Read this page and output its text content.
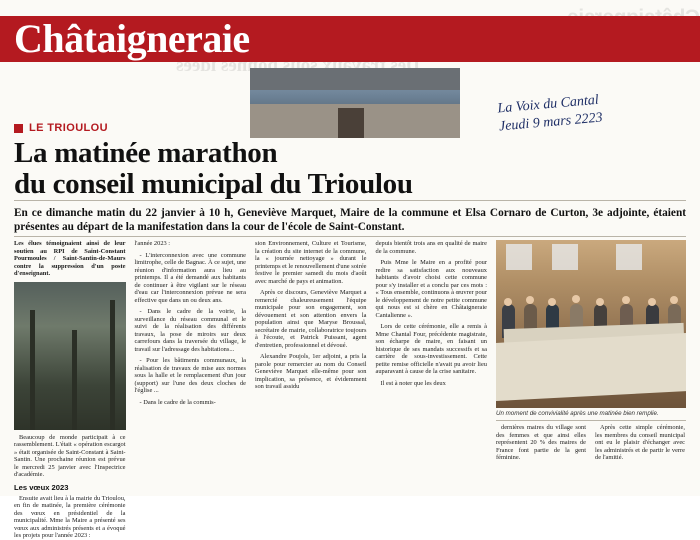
Des travaux sous bonnes idées
Châtaigneraie
La Voix du Cantal
Jeudi 9 mars 2223
LE TRIOULOU
La matinée marathon
du conseil municipal du Trioulou
En ce dimanche matin du 22 janvier à 10 h, Geneviève Marquet, Maire de la commune et Elsa Cornaro de Curton, 3e adjointe, étaient présentes au départ de la manifestation dans la cour de l'école de Saint-Constant.

Les élues témoignaient ainsi de leur soutien au RPI de Saint-Constant Pourmoules / Saint-Santin-de-Maurs contre la suppression d'un poste d'enseignant.

Beaucoup de monde participait à ce rassemblement. L'était « opération escargot » était organisée de Saint-Constant à Saint-Santin. Une prochaine réunion est prévue le mercredi 25 janvier avec l'Inspectrice d'académie.

Les vœux 2023

Ensuite avait lieu à la mairie du Trioulou, en fin de matinée, la première cérémonie des vœux en présidentiel de la municipalité. Mme la Maire a présenté ses vœux aux administrés présents et a évoqué les projets pour l'année 2023 :

l'année 2023 :

- L'interconnexion avec une commune limitrophe, celle de Bagnac. À ce sujet, une réunion d'information aura lieu au printemps. Il a été demandé aux habitants de continuer à être vigilant sur le réseau d'eau car l'interconnexion prévue ne sera effective que dans un ou deux ans.

- Dans le cadre de la voirie, la surveillance du réseau communal et le suivi de la réalisation des différents travaux, la pose de miroirs sur deux carrefours dans la traversée du village, le travail sur l'adressage des habitations...

- Pour les bâtiments communaux, la réalisation de travaux de mise aux normes sous la halle et le remplacement d'un jour (support) sur l'une des deux cloches de l'église ...

- Dans le cadre de la commis-

sion Environnement, Culture et Tourisme, la création du site internet de la commune, la « journée nettoyage » durant le printemps et le renouvellement d'une soirée festive le premier samedi du mois d'août avec marché de pays et animation.

Après ce discours, Geneviève Marquet a remercié chaleureusement l'équipe municipale pour son engagement, son dévouement et son attention envers la population ainsi que Maryse Broussal, secrétaire de mairie, collaboratrice toujours à l'écoute, et Patrick Puissant, agent d'entretien, professionnel et dévoué.

Alexandre Poujols, 1er adjoint, a pris la parole pour remercier au nom du Conseil Geneviève Marquet elle-même pour son implication, sa présence, et évidemment son travail assidu

depuis bientôt trois ans en qualité de maire de la commune.

Puis Mme le Maire en a profité pour redire sa satisfaction aux nouveaux habitants d'avoir choisi cette commune pour s'y installer et a conclu par ces mots : « Tous ensemble, continuons à œuvrer pour le développement de notre petite commune qui nous est si chère en Châtaigneraie Cantalienne ».

Lors de cette cérémonie, elle a remis à Mme Chantal Four, précédente magistrate, son écharpe de maire, en faisant un historique de ses mandats successifs et sa carrière de sous-investissement. Cette petite remise officielle n'avait pu avoir lieu auparavant à cause de la crise sanitaire.

Il est à noter que les deux

Un moment de convivialité après une matinée bien remplie.

dernières maires du village sont des femmes et que ainsi elles représentent 20 % des maires de France font partie de la gent féminine.

Après cette simple cérémonie, les membres du conseil municipal ont eu le plaisir d'échanger avec les administrés et de partir le verre de l'amitié.
